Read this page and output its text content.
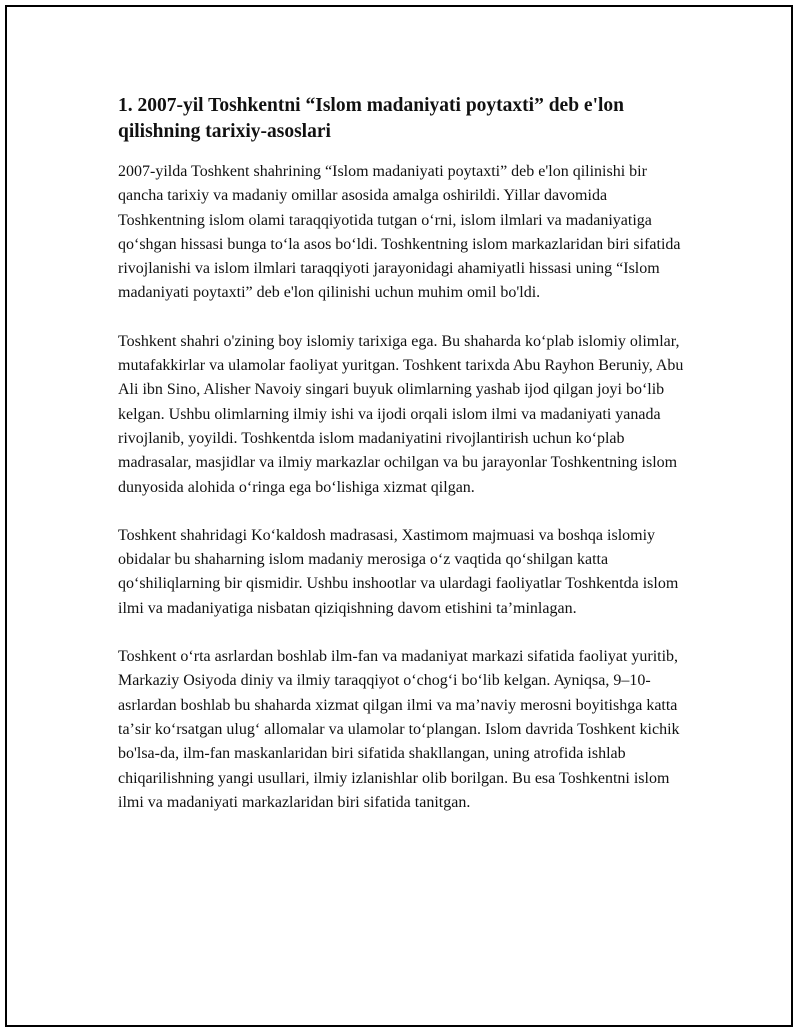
1. 2007-yil Toshkentni “Islom madaniyati poytaxti” deb e'lon qilishning tarixiy-asoslari

2007-yilda Toshkent shahrining “Islom madaniyati poytaxti” deb e'lon qilinishi bir qancha tarixiy va madaniy omillar asosida amalga oshirildi. Yillar davomida Toshkentning islom olami taraqqiyotida tutgan oʻrni, islom ilmlari va madaniyatiga qoʻshgan hissasi bunga toʻla asos boʻldi. Toshkentning islom markazlaridan biri sifatida rivojlanishi va islom ilmlari taraqqiyoti jarayonidagi ahamiyatli hissasi uning “Islom madaniyati poytaxti” deb e'lon qilinishi uchun muhim omil bo'ldi.

Toshkent shahri o'zining boy islomiy tarixiga ega. Bu shaharda koʻplab islomiy olimlar, mutafakkirlar va ulamolar faoliyat yuritgan. Toshkent tarixda Abu Rayhon Beruniy, Abu Ali ibn Sino, Alisher Navoiy singari buyuk olimlarning yashab ijod qilgan joyi boʻlib kelgan. Ushbu olimlarning ilmiy ishi va ijodi orqali islom ilmi va madaniyati yanada rivojlanib, yoyildi. Toshkentda islom madaniyatini rivojlantirish uchun koʻplab madrasalar, masjidlar va ilmiy markazlar ochilgan va bu jarayonlar Toshkentning islom dunyosida alohida oʻringa ega boʻlishiga xizmat qilgan.

Toshkent shahridagi Koʻkaldosh madrasasi, Xastimom majmuasi va boshqa islomiy obidalar bu shaharning islom madaniy merosiga oʻz vaqtida qoʻshilgan katta qoʻshiliqlarning bir qismidir. Ushbu inshootlar va ulardagi faoliyatlar Toshkentda islom ilmi va madaniyatiga nisbatan qiziqishning davom etishini taʼminlagan.

Toshkent oʻrta asrlardan boshlab ilm-fan va madaniyat markazi sifatida faoliyat yuritib, Markaziy Osiyoda diniy va ilmiy taraqqiyot oʻchogʻi boʻlib kelgan. Ayniqsa, 9–10-asrlardan boshlab bu shaharda xizmat qilgan ilmi va maʼnaviy merosni boyitishga katta taʼsir koʻrsatgan ulugʻ allomalar va ulamolar toʻplangan. Islom davrida Toshkent kichik bo'lsa-da, ilm-fan maskanlaridan biri sifatida shakllangan, uning atrofida ishlab chiqarilishning yangi usullari, ilmiy izlanishlar olib borilgan. Bu esa Toshkentni islom ilmi va madaniyati markazlaridan biri sifatida tanitgan.
